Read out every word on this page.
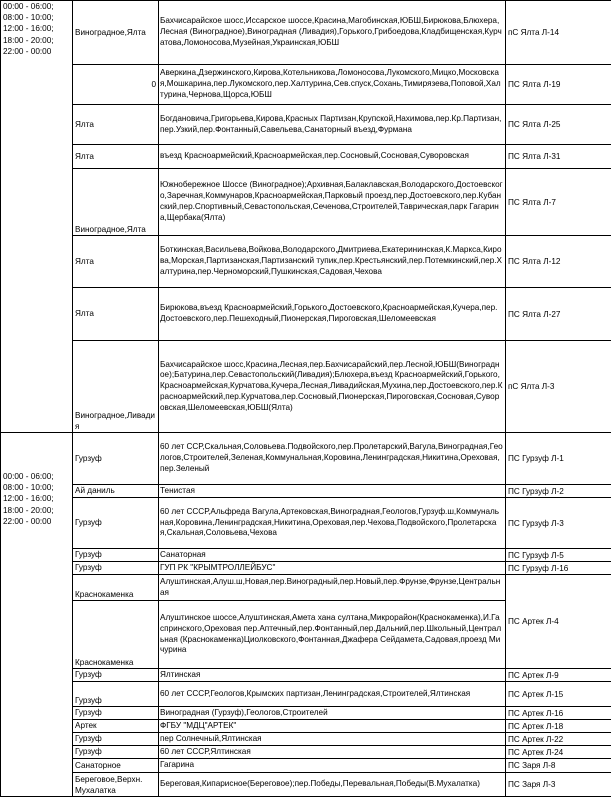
00:00 - 06:00;
08:00 - 10:00;
12:00 - 16:00;
18:00 - 20:00;
22:00 - 00:00	Виноградное,Ялта	Бахчисарайское шосс,Иссарское шоссе,Красина,Магобинская,ЮБШ,Бирюкова,Блюхера,Лесная (Виноградное),Виноградная (Ливадия),Горького,Грибоедова,Кладбищенская,Курчатова,Ломоносова,Музейная,Украинская,ЮБШ	пС Ялта Л-14
	0	Аверкина,Дзержинского,Кирова,Котельникова,Ломоносова,Лукомского,Мицко,Московская,Мошкарина,пер.Лукомского,пер.Халтурина,Сев.спуск,Сохань,Тимирязева,Поповой,Халтурина,Чернова,Щорса,ЮБШ	ПС Ялта Л-19
	Ялта	Богдановича,Григорьева,Кирова,Красных Партизан,Крупской,Нахимова,пер.Кр.Партизан,пер.Узкий,пер.Фонтанный,Савельева,Санаторный въезд,Фурмана	ПС Ялта Л-25
	Ялта	въезд Красноармейский,Красноармейская,пер.Сосновый,Сосновая,Суворовская	ПС Ялта Л-31
	Виноградное,Ялта	Южнобережное Шоссе (Виноградное);Архивная,Балаклавская,Володарского,Достоевского,Заречная,Коммунаров,Красноармейская,Парковый проезд,пер.Достоевского,пер.Кубанский,пер.Спортивный,Севастопольская,Сеченова,Строителей,Таврическая,парк Гагарина,Щербака(Ялта)	ПС Ялта Л-7
	Ялта	Боткинская,Васильева,Войкова,Володарского,Дмитриева,Екатерининская,К.Маркса,Кирова,Морская,Партизанская,Партизанский тупик,пер.Крестьянский,пер.Потемкинский,пер.Халтурина,пер.Черноморский,Пушкинская,Садовая,Чехова	ПС Ялта Л-12
	Ялта	Бирюкова,въезд Красноармейский,Горького,Достоевского,Красноармейская,Кучера,пер.Достоевского,пер.Пешеходный,Пионерская,Пироговская,Шеломеевская	ПС Ялта Л-27
	Виноградное,Ливадия	Бахчисарайское шосс,Красина,Лесная,пер.Бахчисарайский,пер.Лесной,ЮБШ(Виноградное);Батурина,пер.Севастопольский(Ливадия);Блюхера,въезд Красноармейский,Горького,Красноармейская,Курчатова,Кучера,Лесная,Ливадийская,Мухина,пер.Достоевского,пер.Красноармейский,пер.Курчатова,пер.Сосновый,Пионерская,Пироговская,Сосновая,Суворовская,Шеломеевская,ЮБШ(Ялта)	пС Ялта Л-3
00:00 - 06:00;
08:00 - 10:00;
12:00 - 16:00;
18:00 - 20:00;
22:00 - 00:00	Гурзуф	60 лет ССР,Скальная,Соловьева.Подвойского,пер.Пролетарский,Вагула,Виноградная,Геологов,Строителей,Зеленая,Коммунальная,Коровина,Ленинградская,Никитина,Ореховая,пер.Зеленый	ПС Гурзуф Л-1
	Ай даниль	Тенистая	ПС Гурзуф Л-2
	Гурзуф	60 лет СССР,Альфреда Вагула,Артековская,Виноградная,Геологов,Гурзуф.ш,Коммунальная,Коровина,Ленинградская,Никитина,Ореховая,пер.Чехова,Подвойского,Пролетарская,Скальная,Соловьева,Чехова	ПС Гурзуф Л-3
	Гурзуф	Санаторная	ПС Гурзуф Л-5
	Гурзуф	ГУП РК "КРЫМТРОЛЛЕЙБУС"	ПС Гурзуф Л-16
	Краснокаменка	Алуштинская,Алуш.ш,Новая,пер.Виноградный,пер.Новый,пер.Фрунзе,Фрунзе,Центральная	ПС Артек Л-4
	Краснокаменка	Алуштинское шоссе,Алуштинская,Амета хана султана,Микрорайон(Краснокаменка),И.Гаспринского,Ореховая пер.Аптечный,пер.Фонтанный,пер.Дальний,пер.Школьный,Центральная (Краснокаменка)Циолковского,Фонтанная,Джафера Сейдамета,Садовая,проезд Мичурина	
	Гурзуф	Ялтинская	ПС Артек Л-9
	Гурзуф	60 лет СССР,Геологов,Крымских партизан,Ленинградская,Строителей,Ялтинская	ПС Артек Л-15
	Гурзуф	Виноградная (Гурзуф),Геологов,Строителей	ПС Артек Л-16
	Артек	ФГБУ "МДЦ"АРТЕК"	ПС Артек Л-18
	Гурзуф	пер Солнечный,Ялтинская	ПС Артек Л-22
	Гурзуф	60 лет СССР,Ялтинская	ПС Артек Л-24
	Санаторное	Гагарина	ПС Заря Л-8
	Береговое,Верхн. Мухалатка	Береговая,Кипарисное(Береговое);пер.Победы,Перевальная,Победы(В.Мухалатка)	ПС Заря Л-3
